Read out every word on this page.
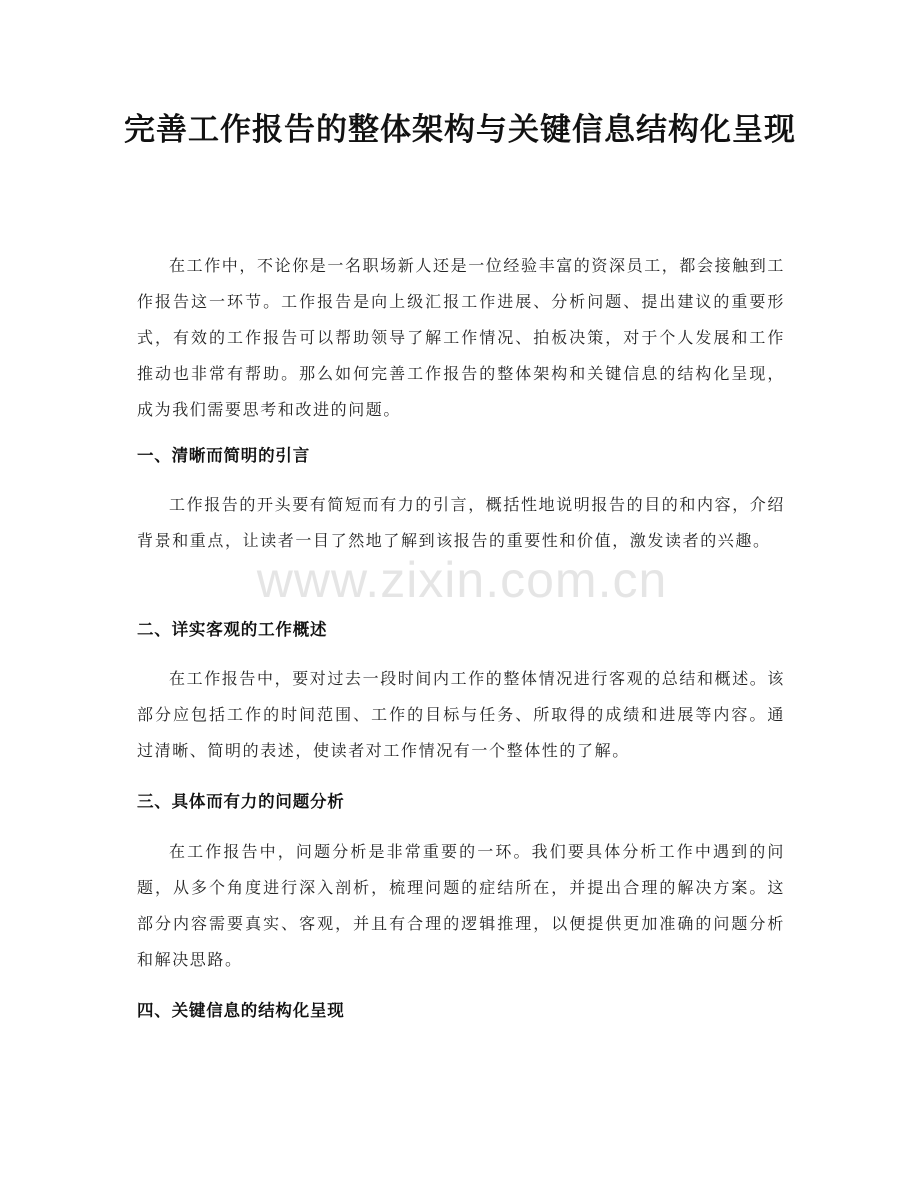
完善工作报告的整体架构与关键信息结构化呈现

在工作中，不论你是一名职场新人还是一位经验丰富的资深员工，都会接触到工作报告这一环节。工作报告是向上级汇报工作进展、分析问题、提出建议的重要形式，有效的工作报告可以帮助领导了解工作情况、拍板决策，对于个人发展和工作推动也非常有帮助。那么如何完善工作报告的整体架构和关键信息的结构化呈现，成为我们需要思考和改进的问题。

一、清晰而简明的引言

工作报告的开头要有简短而有力的引言，概括性地说明报告的目的和内容，介绍背景和重点，让读者一目了然地了解到该报告的重要性和价值，激发读者的兴趣。

二、详实客观的工作概述

在工作报告中，要对过去一段时间内工作的整体情况进行客观的总结和概述。该部分应包括工作的时间范围、工作的目标与任务、所取得的成绩和进展等内容。通过清晰、简明的表述，使读者对工作情况有一个整体性的了解。

三、具体而有力的问题分析

在工作报告中，问题分析是非常重要的一环。我们要具体分析工作中遇到的问题，从多个角度进行深入剖析，梳理问题的症结所在，并提出合理的解决方案。这部分内容需要真实、客观，并且有合理的逻辑推理，以便提供更加准确的问题分析和解决思路。

四、关键信息的结构化呈现
www.zixin.com.cn
